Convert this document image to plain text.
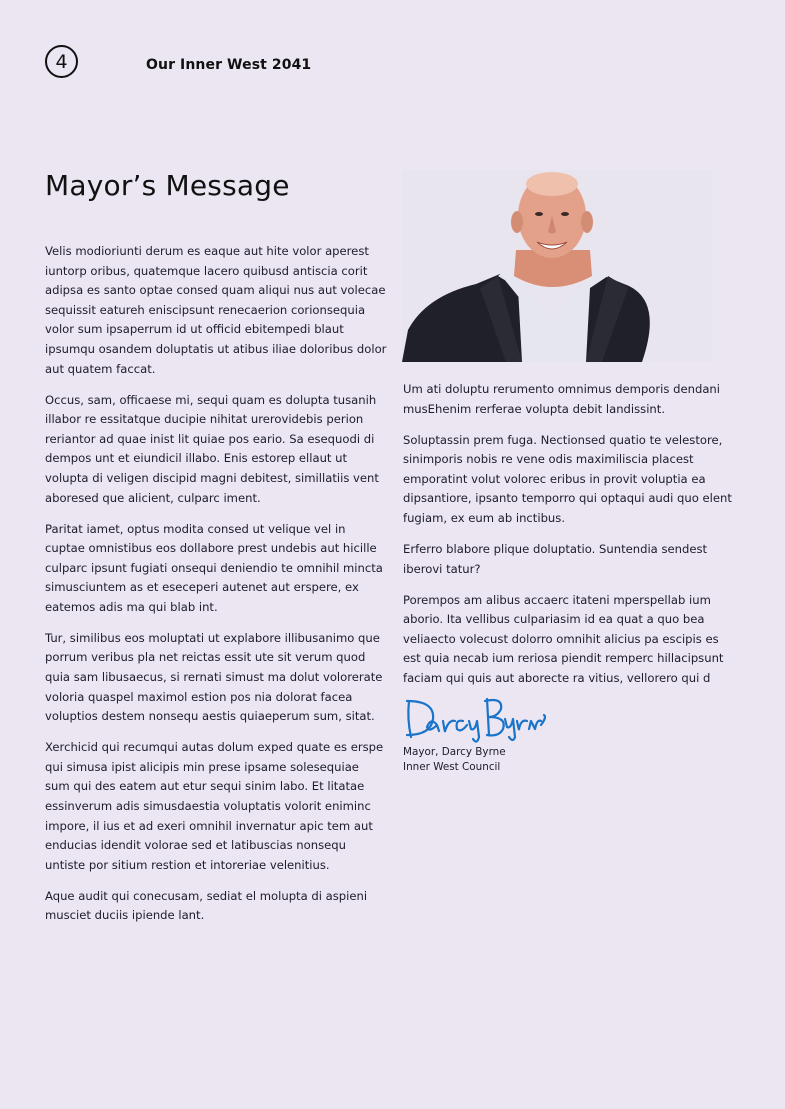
4	Our Inner West 2041
Mayor’s Message

Velis modioriunti derum es eaque aut hite volor aperest iuntorp oribus, quatemque lacero quibusd antiscia corit adipsa es santo optae consed quam aliqui nus aut volecae sequissit eatureh eniscipsunt renecaerion corionsequia volor sum ipsaperrum id ut officid ebitempedi blaut ipsumqu osandem doluptatis ut atibus iliae doloribus dolor aut quatem faccat.

Occus, sam, officaese mi, sequi quam es dolupta tusanih illabor re essitatque ducipie nihitat urerovidebis perion reriantor ad quae inist lit quiae pos eario. Sa esequodi di dempos unt et eiundicil illabo. Enis estorep ellaut ut volupta di veligen discipid magni debitest, simillatiis vent aboresed que alicient, culparc iment.

Paritat iamet, optus modita consed ut velique vel in cuptae omnistibus eos dollabore prest undebis aut hicille culparc ipsunt fugiati onsequi deniendio te omnihil mincta simusciuntem as et eseceperi autenet aut erspere, ex eatemos adis ma qui blab int.

Tur, similibus eos moluptati ut explabore illibusanimo que porrum veribus pla net reictas essit ute sit verum quod quia sam libusaecus, si rernati simust ma dolut volorerate voloria quaspel maximol estion pos nia dolorat facea voluptios destem nonsequ aestis quiaeperum sum, sitat.

Xerchicid qui recumqui autas dolum exped quate es erspe qui simusa ipist alicipis min prese ipsame solesequiae sum qui des eatem aut etur sequi sinim labo. Et litatae essinverum adis simusdaestia voluptatis volorit eniminc impore, il ius et ad exeri omnihil invernatur apic tem aut enducias idendit volorae sed et latibuscias nonsequ untiste por sitium restion et intoreriae velenitius.

Aque audit qui conecusam, sediat el molupta di aspieni musciet duciis ipiende lant.

Um ati doluptu rerumento omnimus demporis dendani musEhenim rerferae volupta debit landissint.

Soluptassin prem fuga. Nectionsed quatio te velestore, sinimporis nobis re vene odis maximiliscia placest emporatint volut volorec eribus in provit voluptia ea dipsantiore, ipsanto temporro qui optaqui audi quo elent fugiam, ex eum ab inctibus.

Erferro blabore plique doluptatio. Suntendia sendest iberovi tatur?

Porempos am alibus accaerc itateni mperspellab ium aborio. Ita vellibus culpariasim id ea quat a quo bea veliaecto volecust dolorro omnihit alicius pa escipis es est quia necab ium reriosa piendit remperc hillacipsunt faciam qui quis aut aborecte ra vitius, vellorero qui d

Mayor, Darcy Byrne
Inner West Council
